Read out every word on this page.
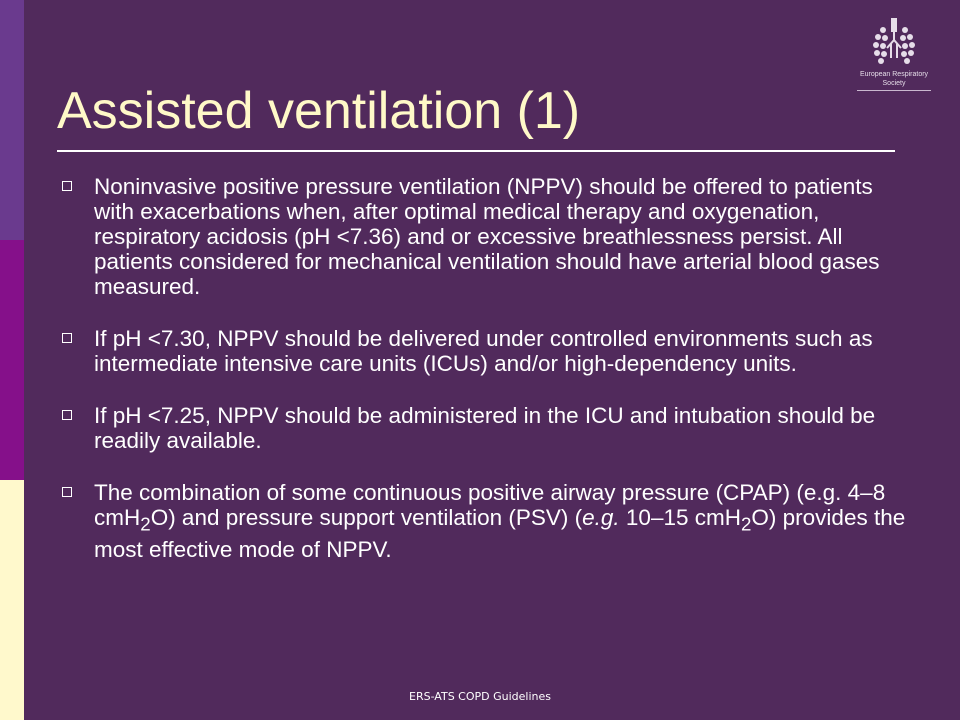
European Respiratory
Society
Assisted ventilation (1)
Noninvasive positive pressure ventilation (NPPV) should be offered to patients with exacerbations when, after optimal medical therapy and oxygenation, respiratory acidosis (pH <7.36) and or excessive breathlessness persist. All patients considered for mechanical ventilation should have arterial blood gases measured.
If pH <7.30, NPPV should be delivered under controlled environments such as intermediate intensive care units (ICUs) and/or high-dependency units.
If pH <7.25, NPPV should be administered in the ICU and intubation should be readily available.
The combination of some continuous positive airway pressure (CPAP) (e.g. 4–8 cmH$_2$O) and pressure support ventilation (PSV) (e.g. 10–15 cmH$_2$O) provides the most effective mode of NPPV.
ERS-ATS COPD Guidelines
